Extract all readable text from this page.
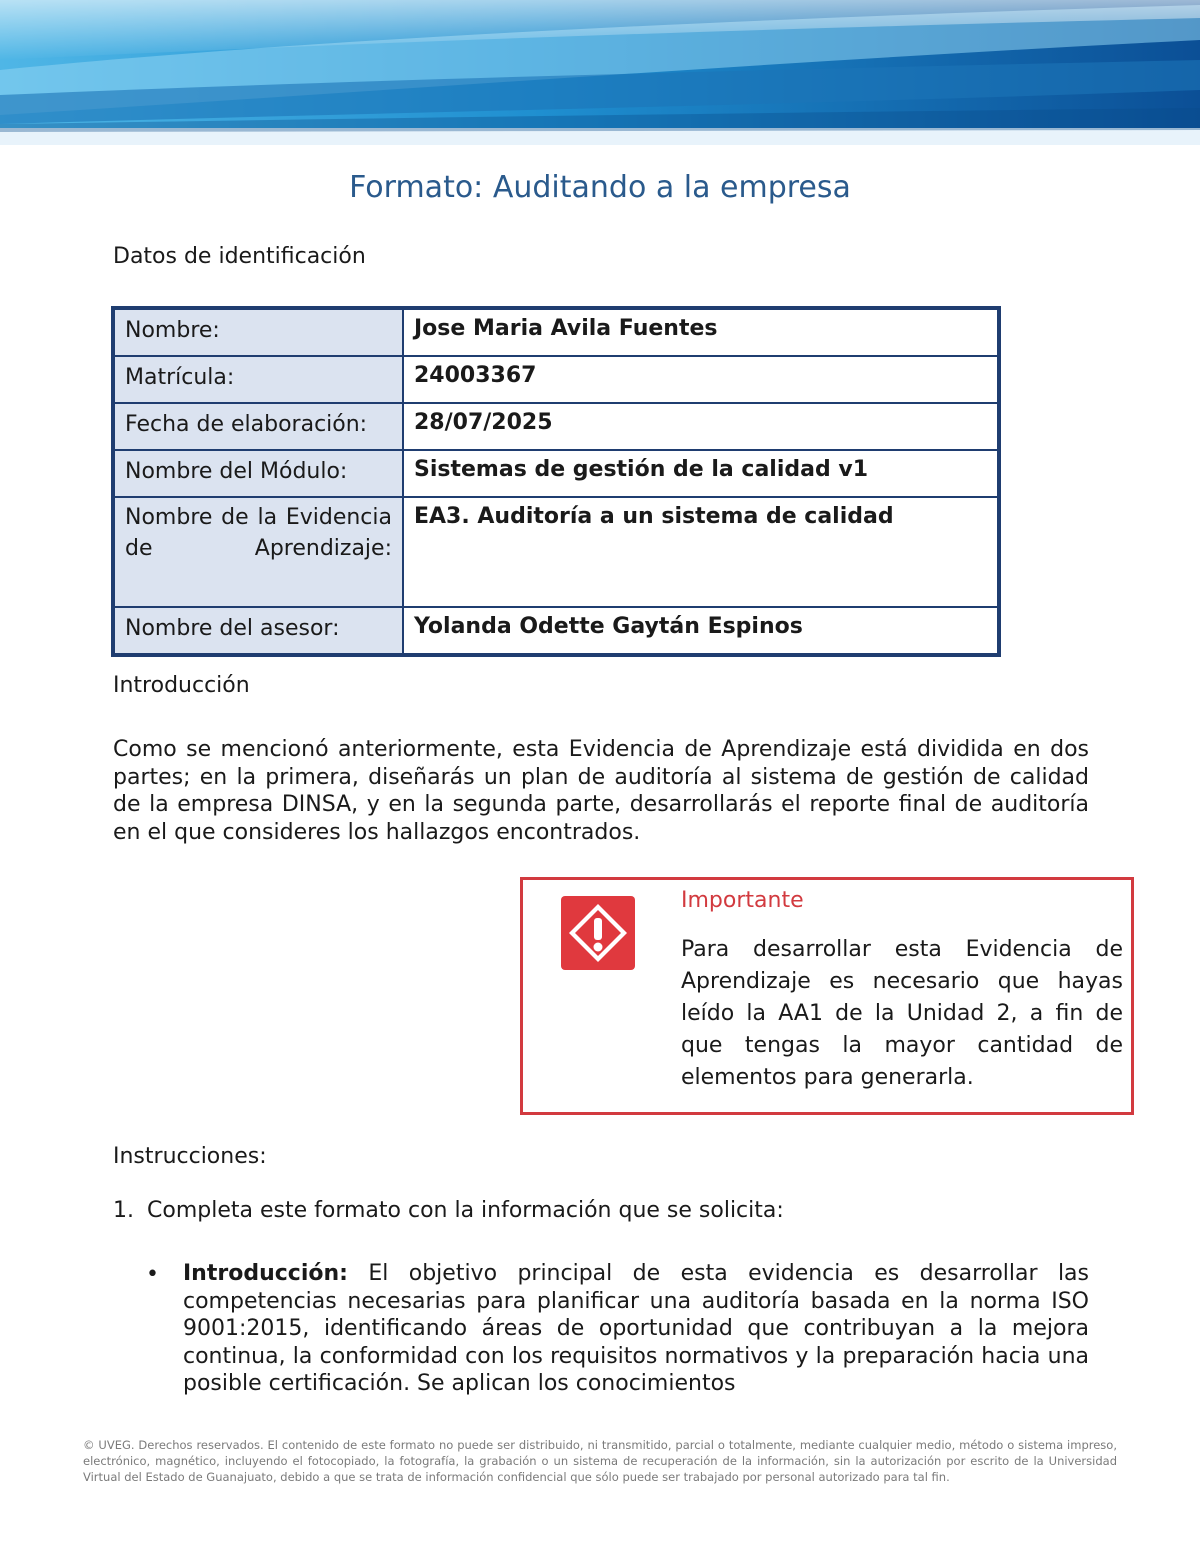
Formato: Auditando a la empresa

Datos de identificación

Nombre:	Jose Maria Avila Fuentes
Matrícula:	24003367
Fecha de elaboración:	28/07/2025
Nombre del Módulo:	Sistemas de gestión de la calidad v1
Nombre de la Evidencia de Aprendizaje:	EA3. Auditoría a un sistema de calidad
Nombre del asesor:	Yolanda Odette Gaytán Espinos

Introducción

Como se mencionó anteriormente, esta Evidencia de Aprendizaje está dividida en dos partes; en la primera, diseñarás un plan de auditoría al sistema de gestión de calidad de la empresa DINSA, y en la segunda parte, desarrollarás el reporte final de auditoría en el que consideres los hallazgos encontrados.

Importante

Para desarrollar esta Evidencia de Aprendizaje es necesario que hayas leído la AA1 de la Unidad 2, a fin de que tengas la mayor cantidad de elementos para generarla.

Instrucciones:

1. Completa este formato con la información que se solicita:

• Introducción: El objetivo principal de esta evidencia es desarrollar las competencias necesarias para planificar una auditoría basada en la norma ISO 9001:2015, identificando áreas de oportunidad que contribuyan a la mejora continua, la conformidad con los requisitos normativos y la preparación hacia una posible certificación. Se aplican los conocimientos

© UVEG. Derechos reservados. El contenido de este formato no puede ser distribuido, ni transmitido, parcial o totalmente, mediante cualquier medio, método o sistema impreso, electrónico, magnético, incluyendo el fotocopiado, la fotografía, la grabación o un sistema de recuperación de la información, sin la autorización por escrito de la Universidad Virtual del Estado de Guanajuato, debido a que se trata de información confidencial que sólo puede ser trabajado por personal autorizado para tal fin.
